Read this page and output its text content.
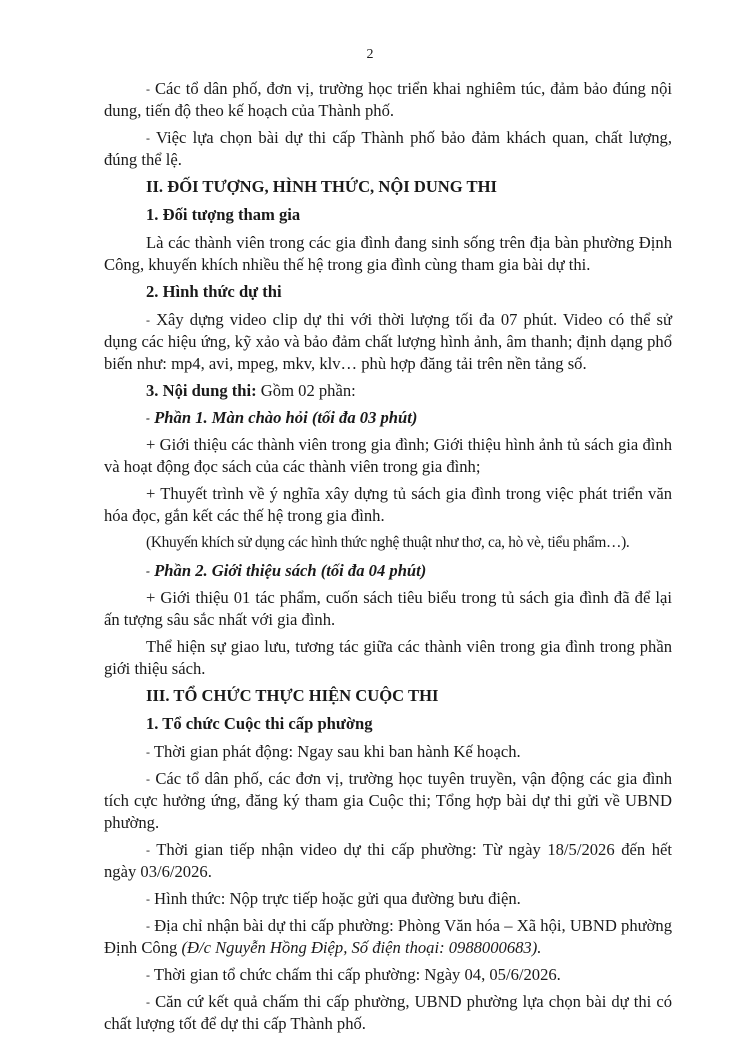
2
- Các tổ dân phố, đơn vị, trường học triển khai nghiêm túc, đảm bảo đúng nội dung, tiến độ theo kế hoạch của Thành phố.
- Việc lựa chọn bài dự thi cấp Thành phố bảo đảm khách quan, chất lượng, đúng thể lệ.
II. ĐỐI TƯỢNG, HÌNH THỨC, NỘI DUNG THI
1. Đối tượng tham gia
Là các thành viên trong các gia đình đang sinh sống trên địa bàn phường Định Công, khuyến khích nhiều thế hệ trong gia đình cùng tham gia bài dự thi.
2. Hình thức dự thi
- Xây dựng video clip dự thi với thời lượng tối đa 07 phút. Video có thể sử dụng các hiệu ứng, kỹ xảo và bảo đảm chất lượng hình ảnh, âm thanh; định dạng phổ biến như: mp4, avi, mpeg, mkv, klv… phù hợp đăng tải trên nền tảng số.
3. Nội dung thi: Gồm 02 phần:
- Phần 1. Màn chào hỏi (tối đa 03 phút)
+ Giới thiệu các thành viên trong gia đình; Giới thiệu hình ảnh tủ sách gia đình và hoạt động đọc sách của các thành viên trong gia đình;
+ Thuyết trình về ý nghĩa xây dựng tủ sách gia đình trong việc phát triển văn hóa đọc, gắn kết các thế hệ trong gia đình.
(Khuyến khích sử dụng các hình thức nghệ thuật như thơ, ca, hò vè, tiểu phẩm…).
- Phần 2. Giới thiệu sách (tối đa 04 phút)
+ Giới thiệu 01 tác phẩm, cuốn sách tiêu biểu trong tủ sách gia đình đã để lại ấn tượng sâu sắc nhất với gia đình.
Thể hiện sự giao lưu, tương tác giữa các thành viên trong gia đình trong phần giới thiệu sách.
III. TỔ CHỨC THỰC HIỆN CUỘC THI
1. Tổ chức Cuộc thi cấp phường
- Thời gian phát động: Ngay sau khi ban hành Kế hoạch.
- Các tổ dân phố, các đơn vị, trường học tuyên truyền, vận động các gia đình tích cực hưởng ứng, đăng ký tham gia Cuộc thi; Tổng hợp bài dự thi gửi về UBND phường.
- Thời gian tiếp nhận video dự thi cấp phường: Từ ngày 18/5/2026 đến hết ngày 03/6/2026.
- Hình thức: Nộp trực tiếp hoặc gửi qua đường bưu điện.
- Địa chỉ nhận bài dự thi cấp phường: Phòng Văn hóa – Xã hội, UBND phường Định Công (Đ/c Nguyễn Hồng Điệp, Số điện thoại: 0988000683).
- Thời gian tổ chức chấm thi cấp phường: Ngày 04, 05/6/2026.
- Căn cứ kết quả chấm thi cấp phường, UBND phường lựa chọn bài dự thi có chất lượng tốt để dự thi cấp Thành phố.
